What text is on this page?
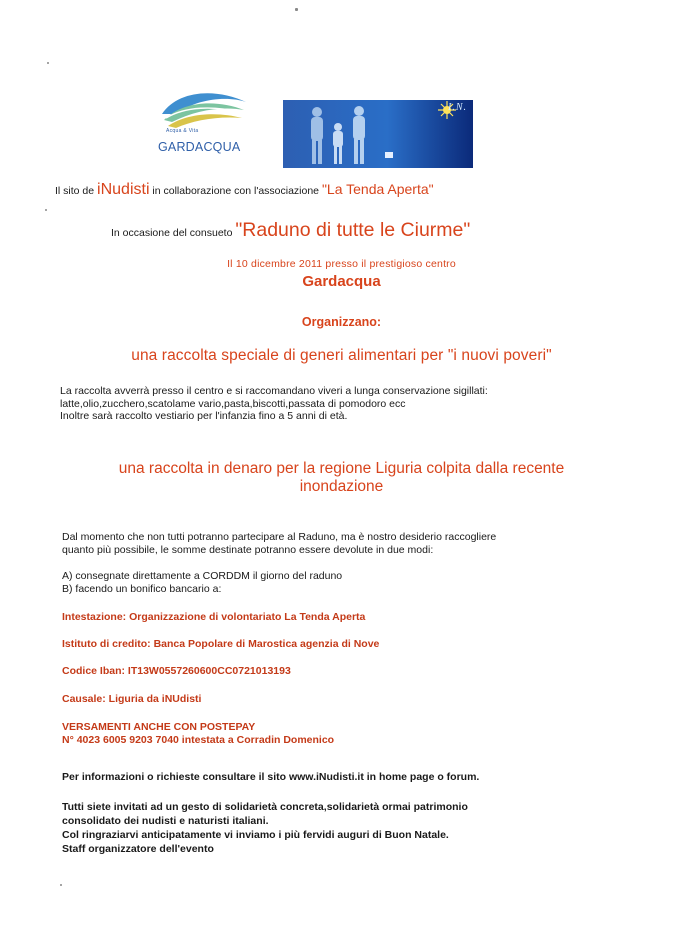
Acqua & Vita
GARDACQUA
I.N.
Il sito de iNudisti in collaborazione con l'associazione "La Tenda Aperta"
In occasione del consueto "Raduno di tutte le Ciurme"
Il 10 dicembre 2011 presso il prestigioso centro
Gardacqua
Organizzano:
una raccolta speciale di generi alimentari per "i nuovi poveri"
La raccolta avverrà presso il centro e si raccomandano viveri a lunga conservazione sigillati:
latte,olio,zucchero,scatolame vario,pasta,biscotti,passata di pomodoro ecc
Inoltre sarà raccolto vestiario per l'infanzia fino a 5 anni di età.
una raccolta in denaro per la regione Liguria colpita dalla recente inondazione
Dal momento che non tutti potranno partecipare al Raduno, ma è nostro desiderio raccogliere
quanto più possibile, le somme destinate potranno essere devolute in due modi:
A) consegnate direttamente a CORDDM il giorno del raduno
B) facendo un bonifico bancario a:
Intestazione: Organizzazione di volontariato La Tenda Aperta
Istituto di credito: Banca Popolare di Marostica agenzia di Nove
Codice Iban: IT13W0557260600CC0721013193
Causale: Liguria da iNUdisti
VERSAMENTI ANCHE CON POSTEPAY
N° 4023 6005 9203 7040 intestata a Corradin Domenico
Per informazioni o richieste consultare il sito www.iNudisti.it in home page o forum.
Tutti siete invitati ad un gesto di solidarietà concreta,solidarietà ormai patrimonio
consolidato dei nudisti e naturisti italiani.
Col ringraziarvi anticipatamente vi inviamo i più fervidi auguri di Buon Natale.
Staff organizzatore dell'evento
